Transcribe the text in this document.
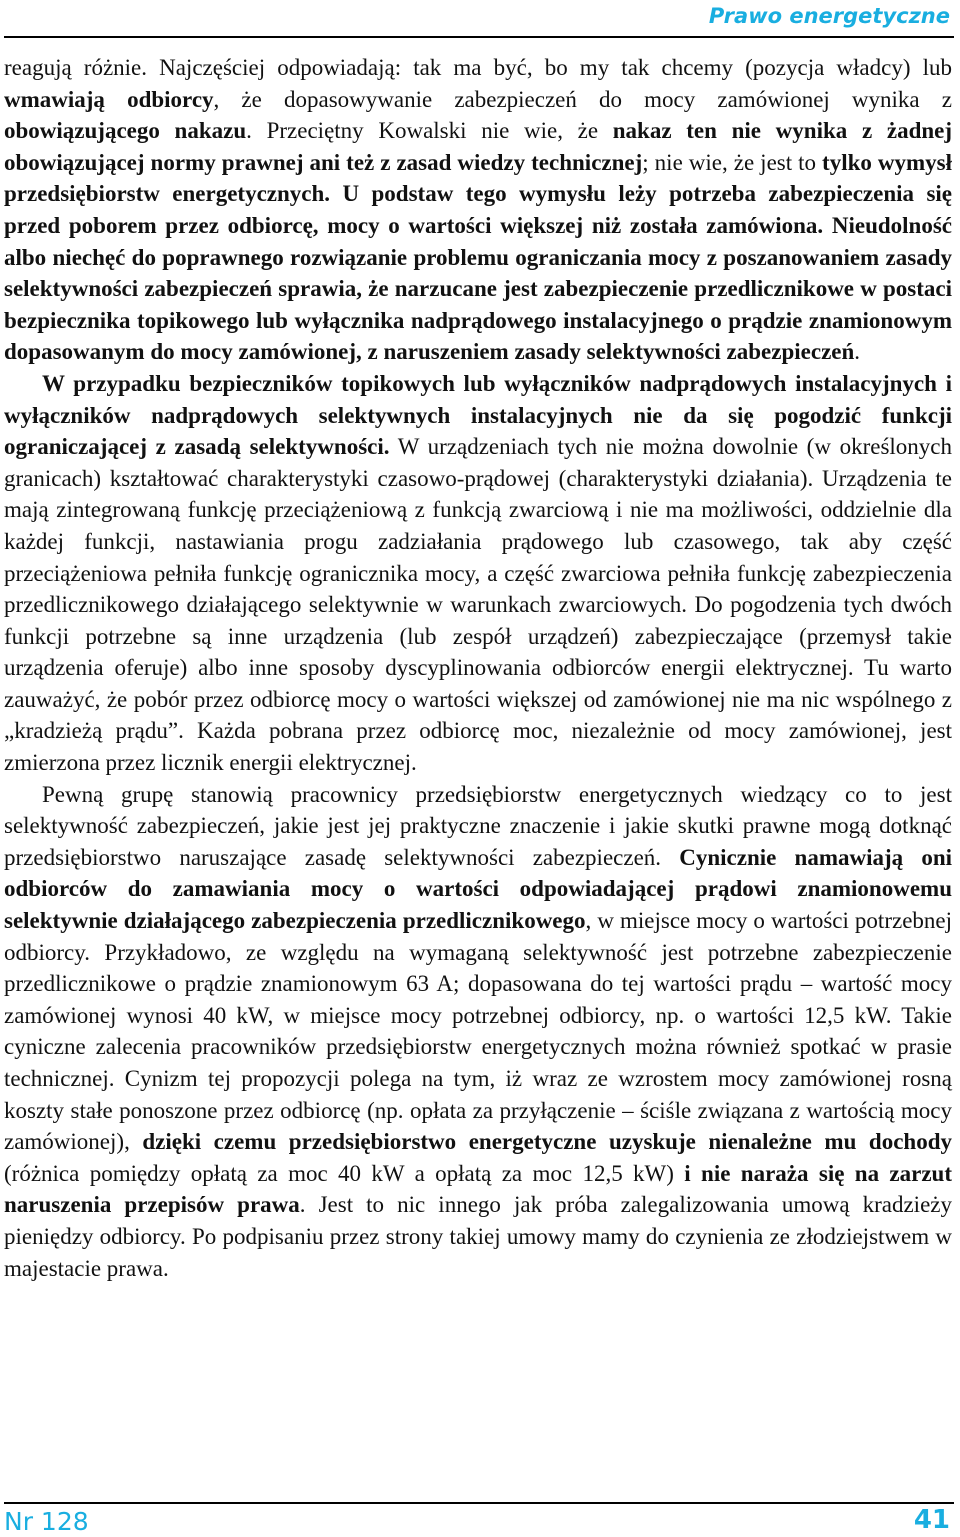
Prawo energetyczne

reagują różnie. Najczęściej odpowiadają: tak ma być, bo my tak chcemy (pozycja władcy) lub wmawiają odbiorcy, że dopasowywanie zabezpieczeń do mocy zamówionej wynika z obowiązującego nakazu. Przeciętny Kowalski nie wie, że nakaz ten nie wynika z żadnej obowiązującej normy prawnej ani też z zasad wiedzy technicznej; nie wie, że jest to tylko wymysł przedsiębiorstw energetycznych. U podstaw tego wymysłu leży potrzeba zabezpieczenia się przed poborem przez odbiorcę, mocy o wartości większej niż została zamówiona. Nieudolność albo niechęć do poprawnego rozwiązanie problemu ograniczania mocy z poszanowaniem zasady selektywności zabezpieczeń sprawia, że narzucane jest zabezpieczenie przedlicznikowe w postaci bezpiecznika topikowego lub wyłącznika nadprądowego instalacyjnego o prądzie znamionowym dopasowanym do mocy zamówionej, z naruszeniem zasady selektywności zabezpieczeń.

W przypadku bezpieczników topikowych lub wyłączników nadprądowych instalacyjnych i wyłączników nadprądowych selektywnych instalacyjnych nie da się pogodzić funkcji ograniczającej z zasadą selektywności. W urządzeniach tych nie można dowolnie (w określonych granicach) kształtować charakterystyki czasowo-prądowej (charakterystyki działania). Urządzenia te mają zintegrowaną funkcję przeciążeniową z funkcją zwarciową i nie ma możliwości, oddzielnie dla każdej funkcji, nastawiania progu zadziałania prądowego lub czasowego, tak aby część przeciążeniowa pełniła funkcję ogranicznika mocy, a część zwarciowa pełniła funkcję zabezpieczenia przedlicznikowego działającego selektywnie w warunkach zwarciowych. Do pogodzenia tych dwóch funkcji potrzebne są inne urządzenia (lub zespół urządzeń) zabezpieczające (przemysł takie urządzenia oferuje) albo inne sposoby dyscyplinowania odbiorców energii elektrycznej. Tu warto zauważyć, że pobór przez odbiorcę mocy o wartości większej od zamówionej nie ma nic wspólnego z „kradzieżą prądu”. Każda pobrana przez odbiorcę moc, niezależnie od mocy zamówionej, jest zmierzona przez licznik energii elektrycznej.

Pewną grupę stanowią pracownicy przedsiębiorstw energetycznych wiedzący co to jest selektywność zabezpieczeń, jakie jest jej praktyczne znaczenie i jakie skutki prawne mogą dotknąć przedsiębiorstwo naruszające zasadę selektywności zabezpieczeń. Cynicznie namawiają oni odbiorców do zamawiania mocy o wartości odpowiadającej prądowi znamionowemu selektywnie działającego zabezpieczenia przedlicznikowego, w miejsce mocy o wartości potrzebnej odbiorcy. Przykładowo, ze względu na wymaganą selektywność jest potrzebne zabezpieczenie przedlicznikowe o prądzie znamionowym 63 A; dopasowana do tej wartości prądu – wartość mocy zamówionej wynosi 40 kW, w miejsce mocy potrzebnej odbiorcy, np. o wartości 12,5 kW. Takie cyniczne zalecenia pracowników przedsiębiorstw energetycznych można również spotkać w prasie technicznej. Cynizm tej propozycji polega na tym, iż wraz ze wzrostem mocy zamówionej rosną koszty stałe ponoszone przez odbiorcę (np. opłata za przyłączenie – ściśle związana z wartością mocy zamówionej), dzięki czemu przedsiębiorstwo energetyczne uzyskuje nienależne mu dochody (różnica pomiędzy opłatą za moc 40 kW a opłatą za moc 12,5 kW) i nie naraża się na zarzut naruszenia przepisów prawa. Jest to nic innego jak próba zalegalizowania umową kradzieży pieniędzy odbiorcy. Po podpisaniu przez strony takiej umowy mamy do czynienia ze złodziejstwem w majestacie prawa.

Nr 128	41
